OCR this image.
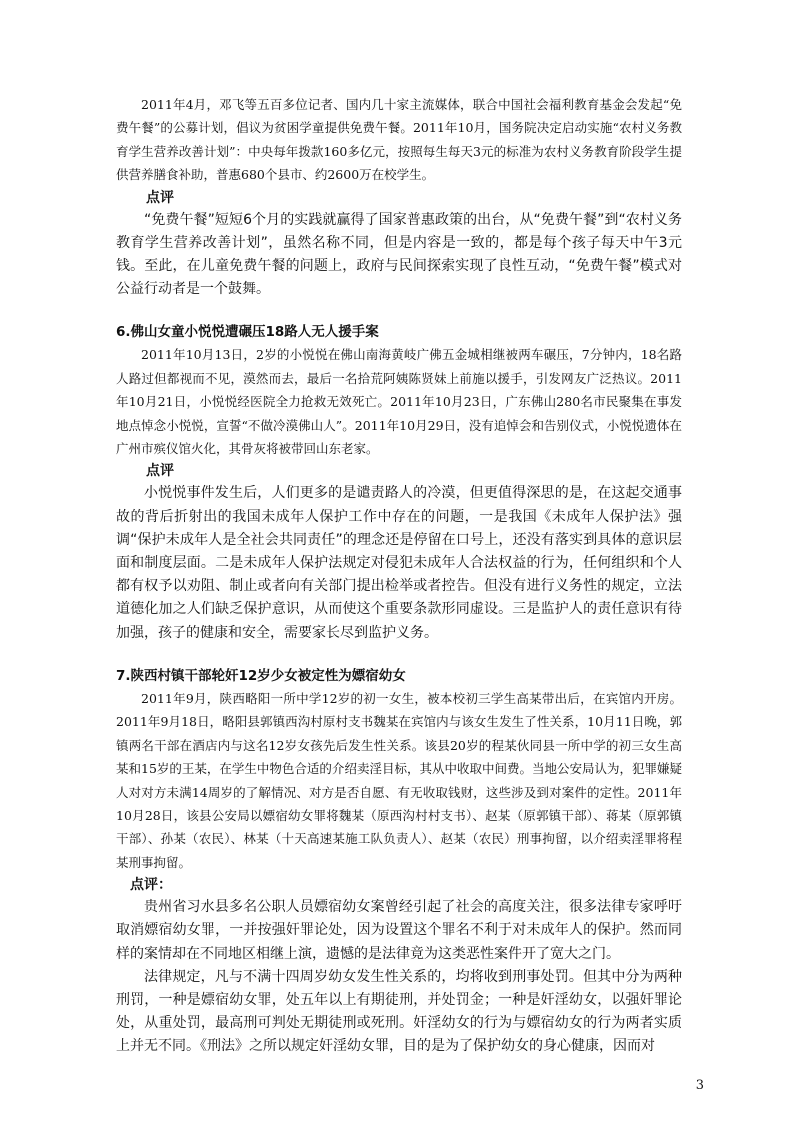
2011年4月，邓飞等五百多位记者、国内几十家主流媒体，联合中国社会福利教育基金会发起“免费午餐”的公募计划，倡议为贫困学童提供免费午餐。2011年10月，国务院决定启动实施“农村义务教育学生营养改善计划”：中央每年拨款160多亿元，按照每生每天3元的标准为农村义务教育阶段学生提供营养膳食补助，普惠680个县市、约2600万在校学生。

点评

“免费午餐”短短6个月的实践就赢得了国家普惠政策的出台，从“免费午餐”到“农村义务教育学生营养改善计划”，虽然名称不同，但是内容是一致的，都是每个孩子每天中午3元钱。至此，在儿童免费午餐的问题上，政府与民间探索实现了良性互动，“免费午餐”模式对公益行动者是一个鼓舞。

6.佛山女童小悦悦遭碾压18路人无人援手案

2011年10月13日，2岁的小悦悦在佛山南海黄岐广佛五金城相继被两车碾压，7分钟内，18名路人路过但都视而不见，漠然而去，最后一名拾荒阿姨陈贤妹上前施以援手，引发网友广泛热议。2011年10月21日，小悦悦经医院全力抢救无效死亡。2011年10月23日，广东佛山280名市民聚集在事发地点悼念小悦悦，宣誓“不做冷漠佛山人”。2011年10月29日，没有追悼会和告别仪式，小悦悦遗体在广州市殡仪馆火化，其骨灰将被带回山东老家。

点评

小悦悦事件发生后，人们更多的是谴责路人的冷漠，但更值得深思的是，在这起交通事故的背后折射出的我国未成年人保护工作中存在的问题，一是我国《未成年人保护法》强调“保护未成年人是全社会共同责任”的理念还是停留在口号上，还没有落实到具体的意识层面和制度层面。二是未成年人保护法规定对侵犯未成年人合法权益的行为，任何组织和个人都有权予以劝阻、制止或者向有关部门提出检举或者控告。但没有进行义务性的规定，立法道德化加之人们缺乏保护意识，从而使这个重要条款形同虚设。三是监护人的责任意识有待加强，孩子的健康和安全，需要家长尽到监护义务。

7.陕西村镇干部轮奸12岁少女被定性为嫖宿幼女

2011年9月，陕西略阳一所中学12岁的初一女生，被本校初三学生高某带出后，在宾馆内开房。2011年9月18日，略阳县郭镇西沟村原村支书魏某在宾馆内与该女生发生了性关系，10月11日晚，郭镇两名干部在酒店内与这名12岁女孩先后发生性关系。该县20岁的程某伙同县一所中学的初三女生高某和15岁的王某，在学生中物色合适的介绍卖淫目标，其从中收取中间费。当地公安局认为，犯罪嫌疑人对对方未满14周岁的了解情况、对方是否自愿、有无收取钱财，这些涉及到对案件的定性。2011年10月28日，该县公安局以嫖宿幼女罪将魏某（原西沟村村支书）、赵某（原郭镇干部）、蒋某（原郭镇干部）、孙某（农民）、林某（十天高速某施工队负责人）、赵某（农民）刑事拘留，以介绍卖淫罪将程某刑事拘留。

点评：

贵州省习水县多名公职人员嫖宿幼女案曾经引起了社会的高度关注，很多法律专家呼吁取消嫖宿幼女罪，一并按强奸罪论处，因为设置这个罪名不利于对未成年人的保护。然而同样的案情却在不同地区相继上演，遗憾的是法律竟为这类恶性案件开了宽大之门。

法律规定，凡与不满十四周岁幼女发生性关系的，均将收到刑事处罚。但其中分为两种刑罚，一种是嫖宿幼女罪，处五年以上有期徒刑，并处罚金；一种是奸淫幼女，以强奸罪论处，从重处罚，最高刑可判处无期徒刑或死刑。奸淫幼女的行为与嫖宿幼女的行为两者实质上并无不同。《刑法》之所以规定奸淫幼女罪，目的是为了保护幼女的身心健康，因而对

3
